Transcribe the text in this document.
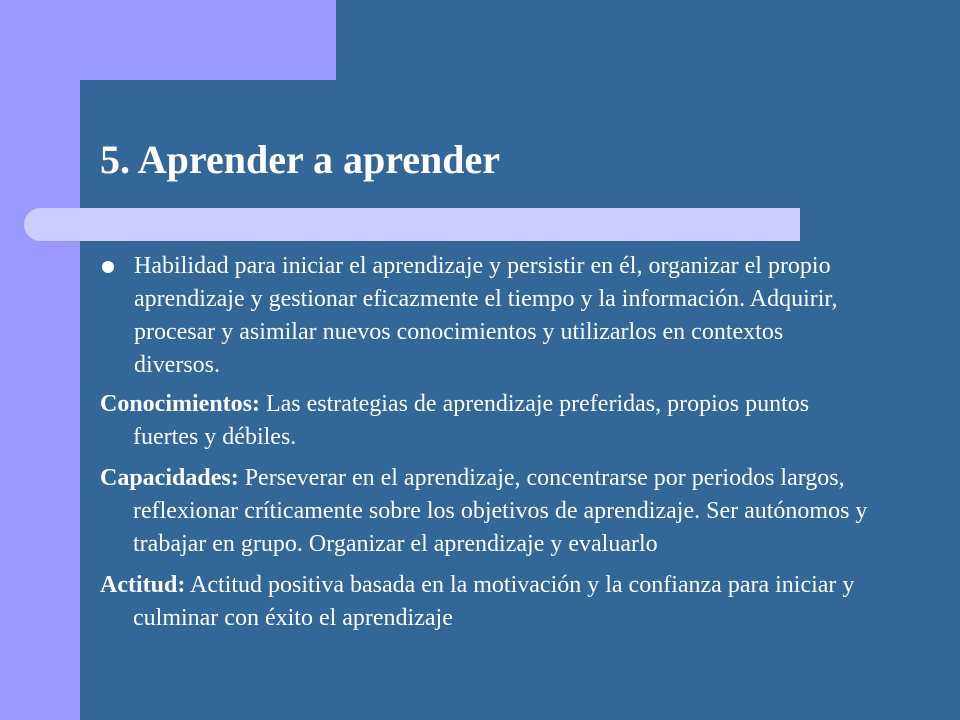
5. Aprender a aprender
Habilidad para iniciar el aprendizaje y persistir en él, organizar el propio aprendizaje y gestionar eficazmente el tiempo y la información. Adquirir, procesar y asimilar nuevos conocimientos y utilizarlos en contextos diversos.
Conocimientos: Las estrategias de aprendizaje preferidas, propios puntos fuertes y débiles.
Capacidades: Perseverar en el aprendizaje, concentrarse por periodos largos, reflexionar críticamente sobre los objetivos de aprendizaje. Ser autónomos y trabajar en grupo. Organizar el aprendizaje y evaluarlo
Actitud: Actitud positiva basada en la motivación y la confianza para iniciar y culminar con éxito el aprendizaje
